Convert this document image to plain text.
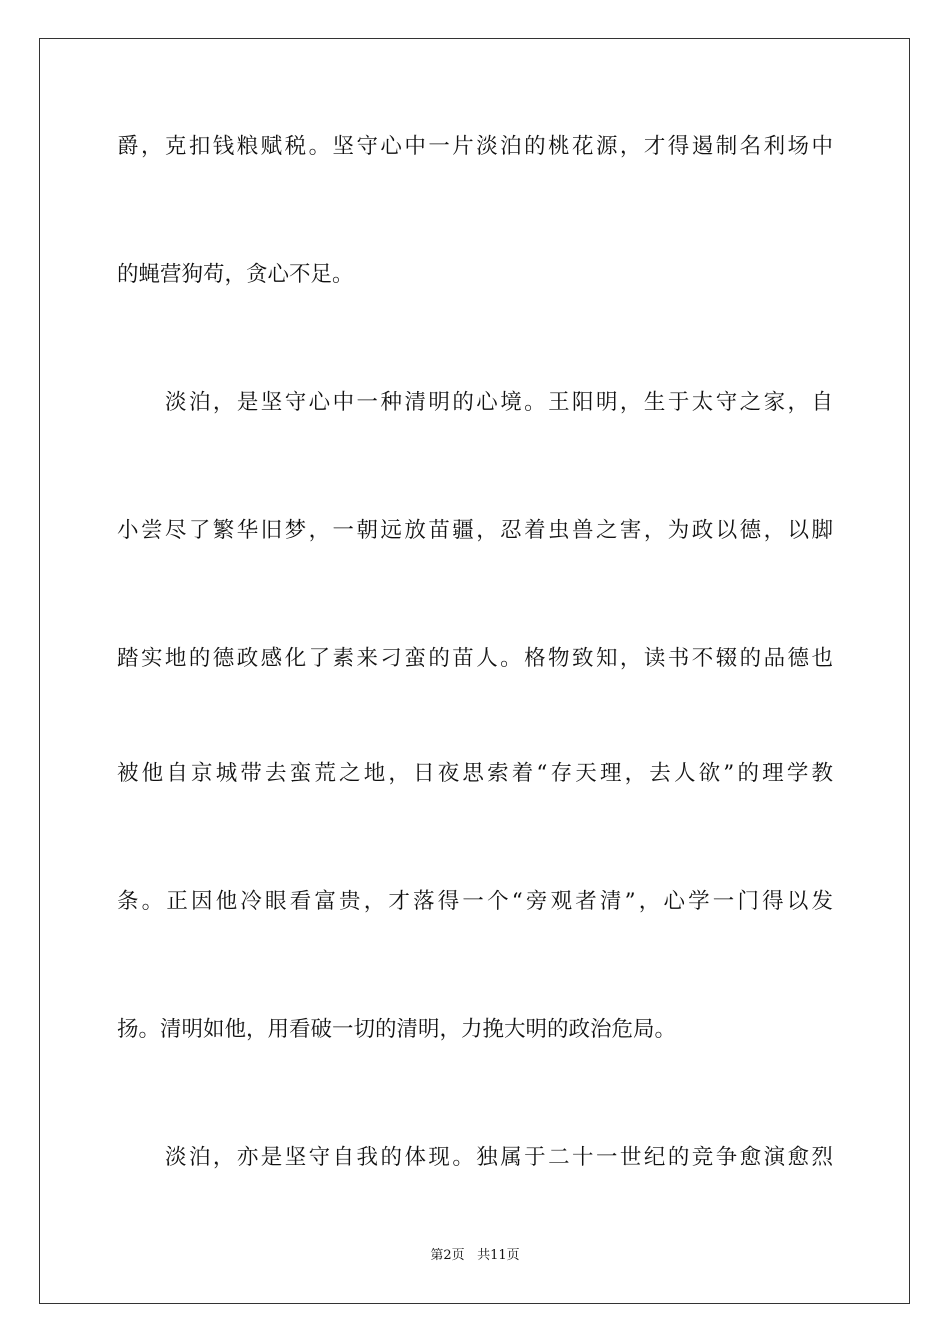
爵，克扣钱粮赋税。坚守心中一片淡泊的桃花源，才得遏制名利场中
的蝇营狗苟，贪心不足。
淡泊，是坚守心中一种清明的心境。王阳明，生于太守之家，自
小尝尽了繁华旧梦，一朝远放苗疆，忍着虫兽之害，为政以德，以脚
踏实地的德政感化了素来刁蛮的苗人。格物致知，读书不辍的品德也
被他自京城带去蛮荒之地，日夜思索着“存天理，去人欲”的理学教
条。正因他冷眼看富贵，才落得一个“旁观者清”，心学一门得以发
扬。清明如他，用看破一切的清明，力挽大明的政治危局。
淡泊，亦是坚守自我的体现。独属于二十一世纪的竞争愈演愈烈
第2页 共11页
